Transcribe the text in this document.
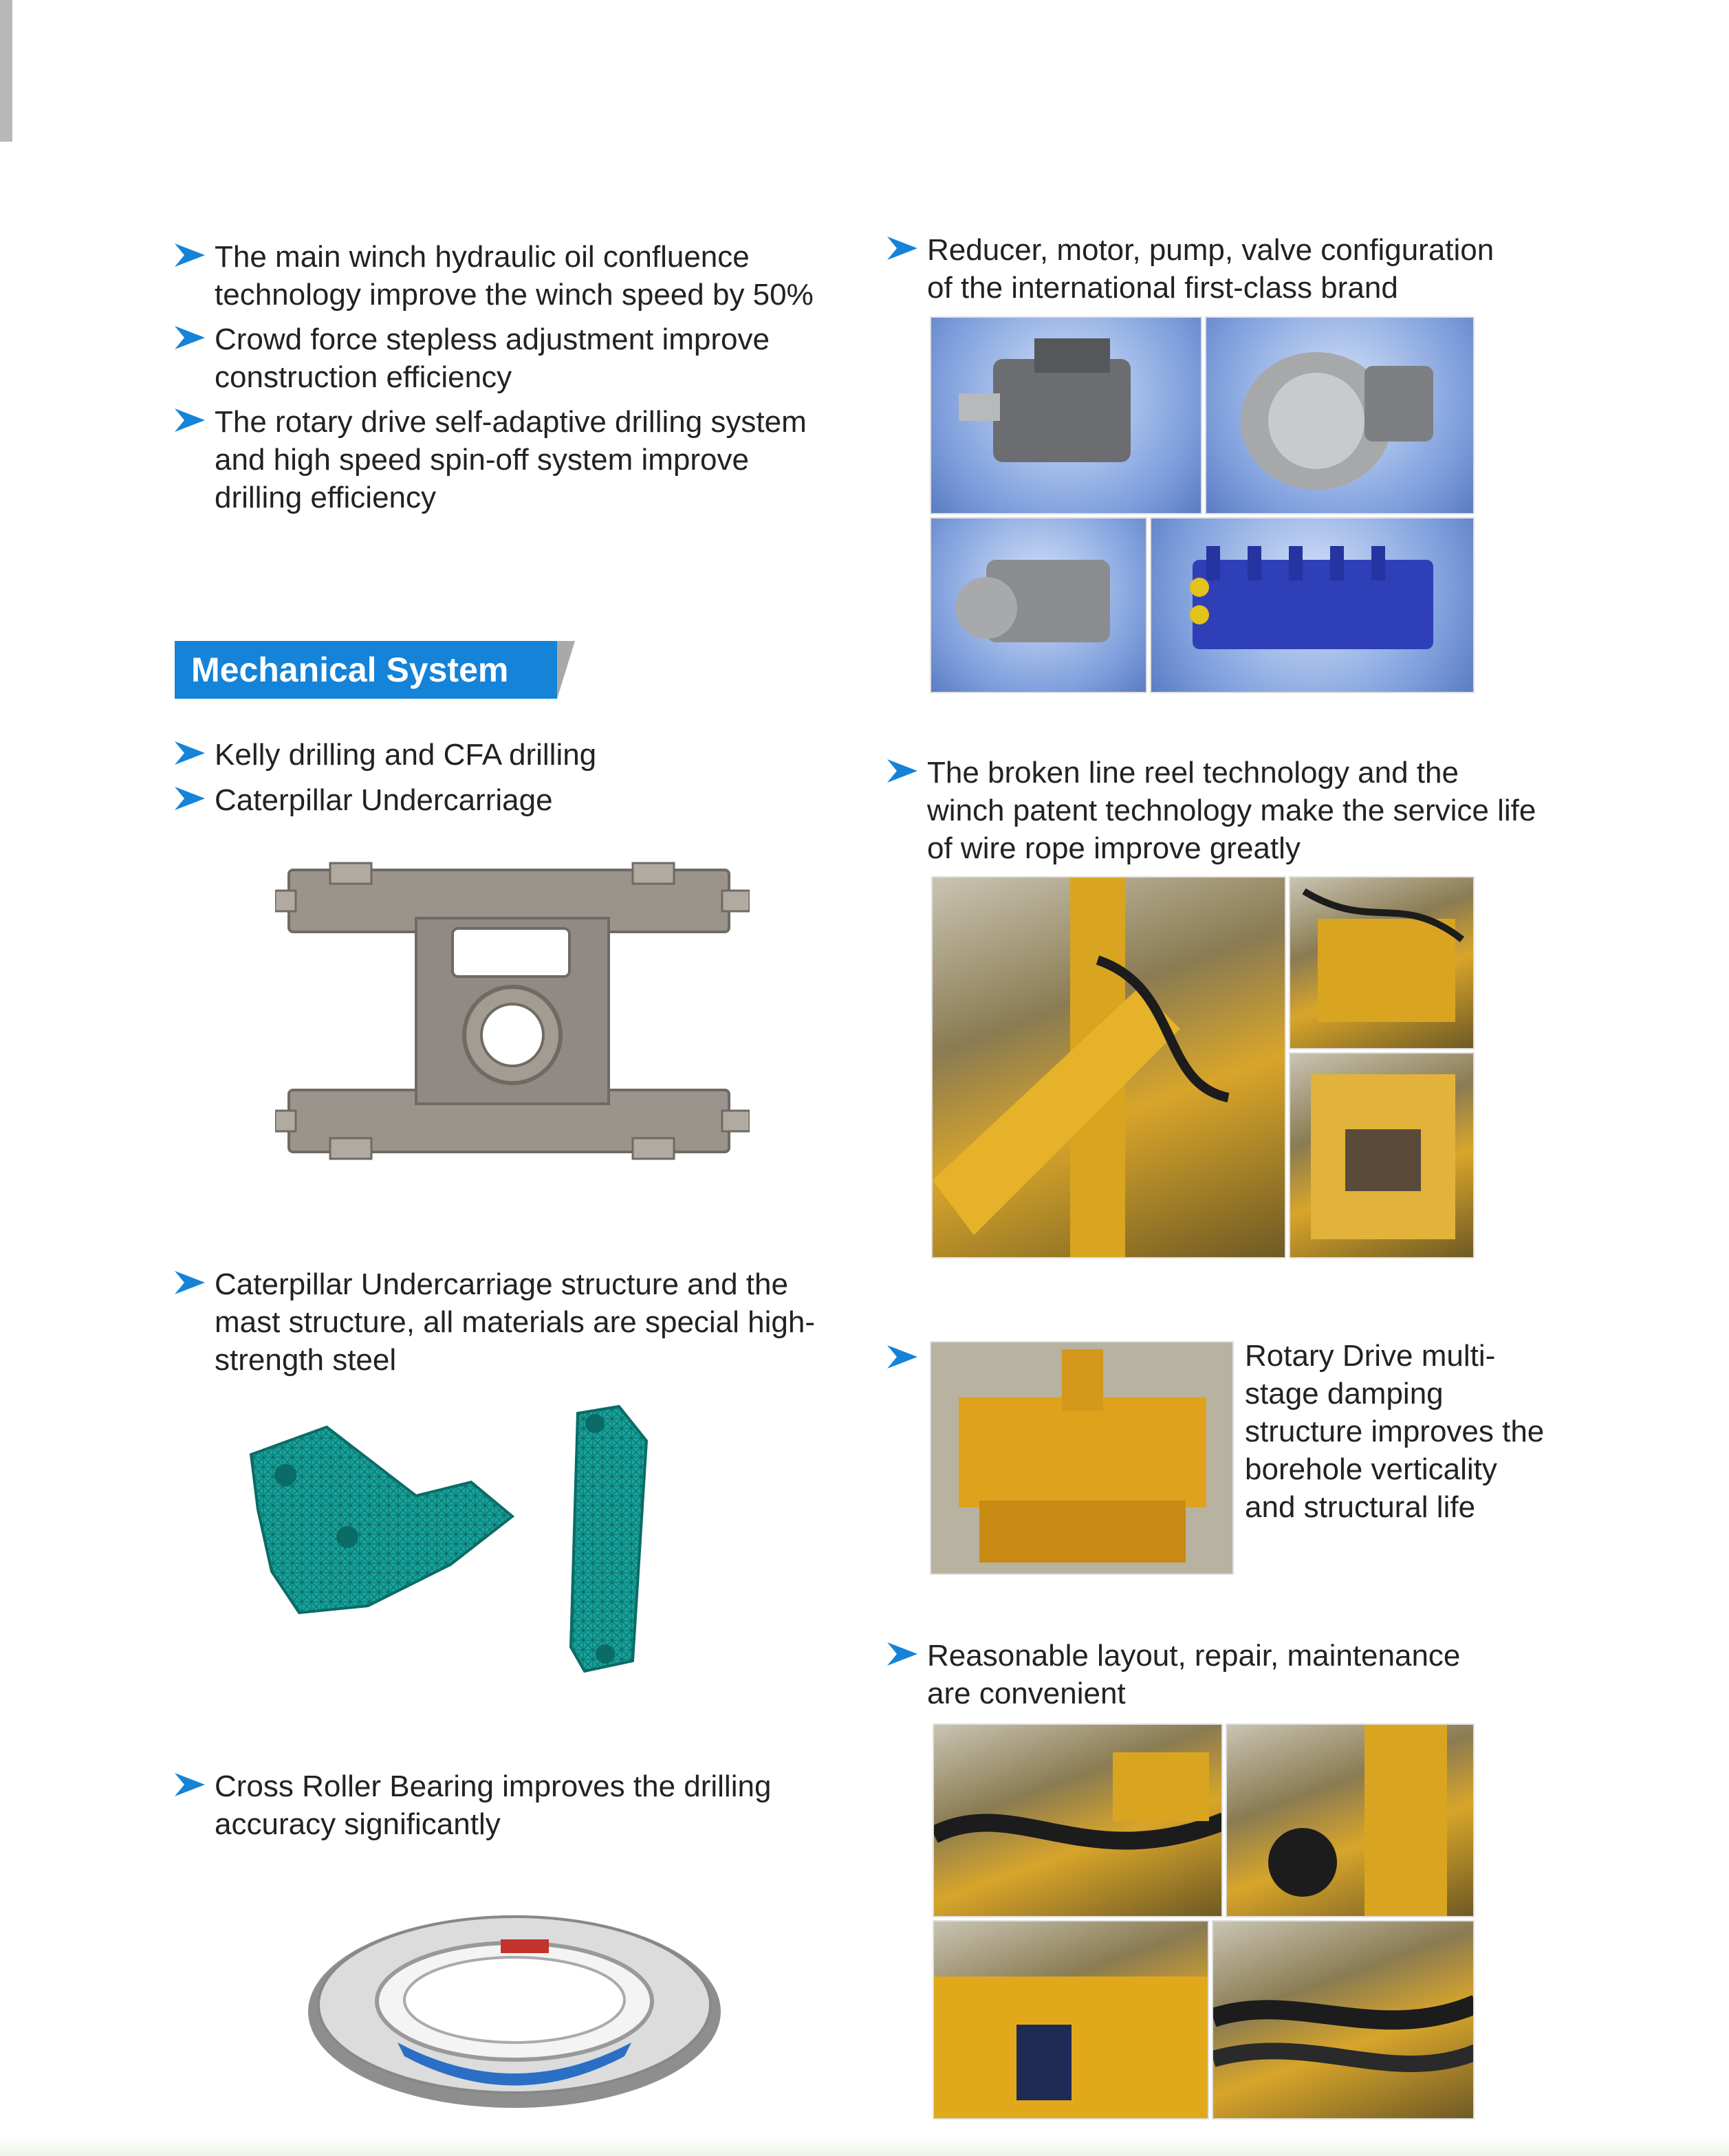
The main winch hydraulic oil confluence
technology improve the winch speed by 50%
Crowd force stepless adjustment improve
construction efficiency
The rotary drive self-adaptive drilling system
and high speed spin-off system improve
drilling efficiency
Mechanical System
Kelly drilling and CFA drilling
Caterpillar Undercarriage
Caterpillar Undercarriage structure and the
mast structure, all materials are special high-
strength steel
Cross Roller Bearing improves the drilling
accuracy significantly
Reducer, motor, pump, valve configuration
of the international first-class brand
The broken line reel technology and the
winch patent technology make the service life
of wire rope improve greatly
Rotary Drive multi-
stage damping
structure improves the
borehole verticality
and structural life
Reasonable layout, repair, maintenance
are convenient
